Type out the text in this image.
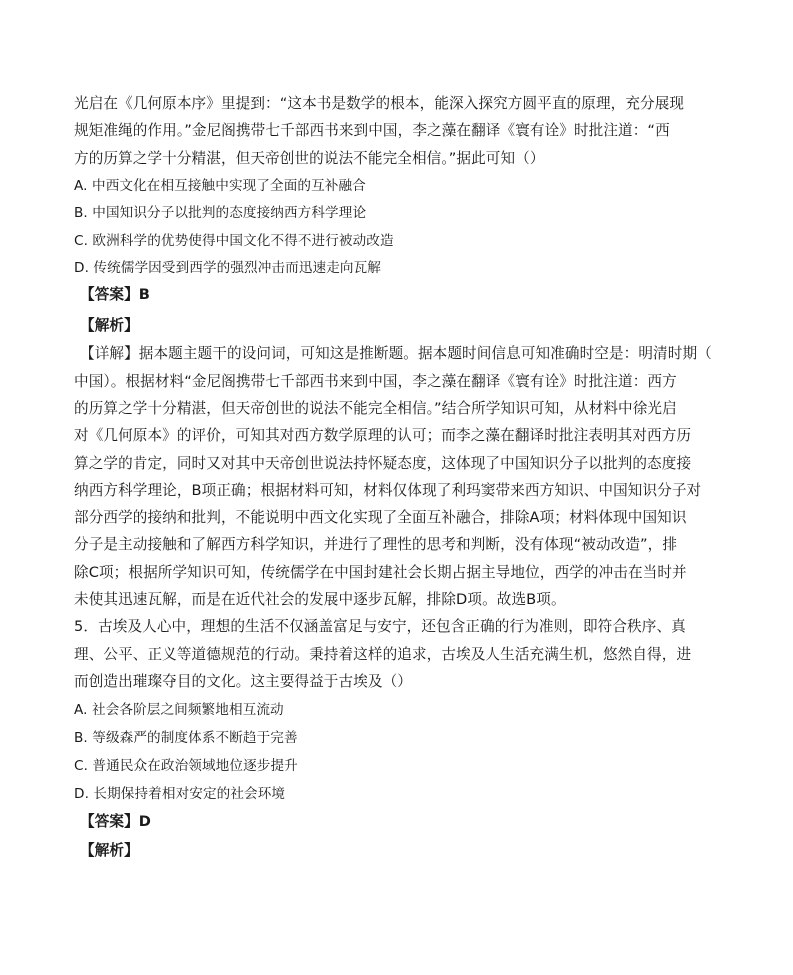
光启在《几何原本序》里提到：“这本书是数学的根本，能深入探究方圆平直的原理，充分展现
规矩准绳的作用。”金尼阁携带七千部西书来到中国，李之藻在翻译《寰有诠》时批注道：“西
方的历算之学十分精湛，但天帝创世的说法不能完全相信。”据此可知（）
A. 中西文化在相互接触中实现了全面的互补融合
B. 中国知识分子以批判的态度接纳西方科学理论
C. 欧洲科学的优势使得中国文化不得不进行被动改造
D. 传统儒学因受到西学的强烈冲击而迅速走向瓦解
【答案】B
【解析】
【详解】据本题主题干的设问词，可知这是推断题。据本题时间信息可知准确时空是：明清时期（
中国）。根据材料“金尼阁携带七千部西书来到中国，李之藻在翻译《寰有诠》时批注道：西方
的历算之学十分精湛，但天帝创世的说法不能完全相信。”结合所学知识可知，从材料中徐光启
对《几何原本》的评价，可知其对西方数学原理的认可；而李之藻在翻译时批注表明其对西方历
算之学的肯定，同时又对其中天帝创世说法持怀疑态度，这体现了中国知识分子以批判的态度接
纳西方科学理论，B项正确；根据材料可知，材料仅体现了利玛窦带来西方知识、中国知识分子对
部分西学的接纳和批判，不能说明中西文化实现了全面互补融合，排除A项；材料体现中国知识
分子是主动接触和了解西方科学知识，并进行了理性的思考和判断，没有体现“被动改造”，排
除C项；根据所学知识可知，传统儒学在中国封建社会长期占据主导地位，西学的冲击在当时并
未使其迅速瓦解，而是在近代社会的发展中逐步瓦解，排除D项。故选B项。
5．古埃及人心中，理想的生活不仅涵盖富足与安宁，还包含正确的行为准则，即符合秩序、真
理、公平、正义等道德规范的行动。秉持着这样的追求，古埃及人生活充满生机，悠然自得，进
而创造出璀璨夺目的文化。这主要得益于古埃及（）
A. 社会各阶层之间频繁地相互流动
B. 等级森严的制度体系不断趋于完善
C. 普通民众在政治领域地位逐步提升
D. 长期保持着相对安定的社会环境
【答案】D
【解析】
